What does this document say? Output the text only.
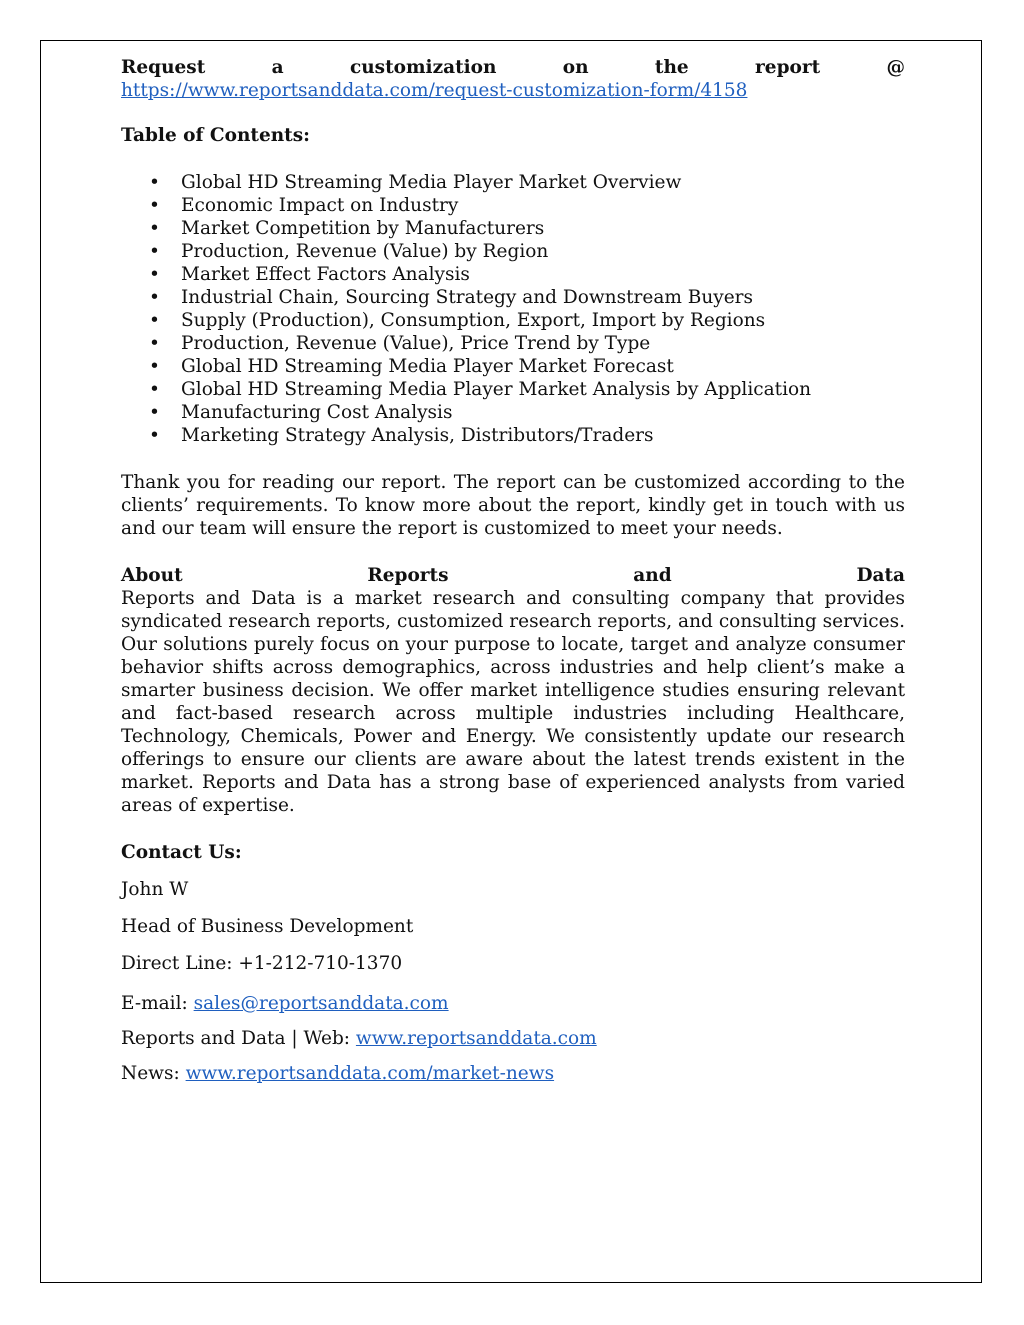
Request	a	customization	on	the	report	@
https://www.reportsanddata.com/request-customization-form/4158
Table of Contents:
• Global HD Streaming Media Player Market Overview
• Economic Impact on Industry
• Market Competition by Manufacturers
• Production, Revenue (Value) by Region
• Market Effect Factors Analysis
• Industrial Chain, Sourcing Strategy and Downstream Buyers
• Supply (Production), Consumption, Export, Import by Regions
• Production, Revenue (Value), Price Trend by Type
• Global HD Streaming Media Player Market Forecast
• Global HD Streaming Media Player Market Analysis by Application
• Manufacturing Cost Analysis
• Marketing Strategy Analysis, Distributors/Traders
Thank you for reading our report. The report can be customized according to the clients’ requirements. To know more about the report, kindly get in touch with us and our team will ensure the report is customized to meet your needs.
About	Reports	and	Data
Reports and Data is a market research and consulting company that provides syndicated research reports, customized research reports, and consulting services. Our solutions purely focus on your purpose to locate, target and analyze consumer behavior shifts across demographics, across industries and help client’s make a smarter business decision. We offer market intelligence studies ensuring relevant and fact-based research across multiple industries including Healthcare, Technology, Chemicals, Power and Energy. We consistently update our research offerings to ensure our clients are aware about the latest trends existent in the market. Reports and Data has a strong base of experienced analysts from varied areas of expertise.
Contact Us:
John W
Head of Business Development
Direct Line: +1-212-710-1370
E-mail: sales@reportsanddata.com
Reports and Data | Web: www.reportsanddata.com
News: www.reportsanddata.com/market-news
